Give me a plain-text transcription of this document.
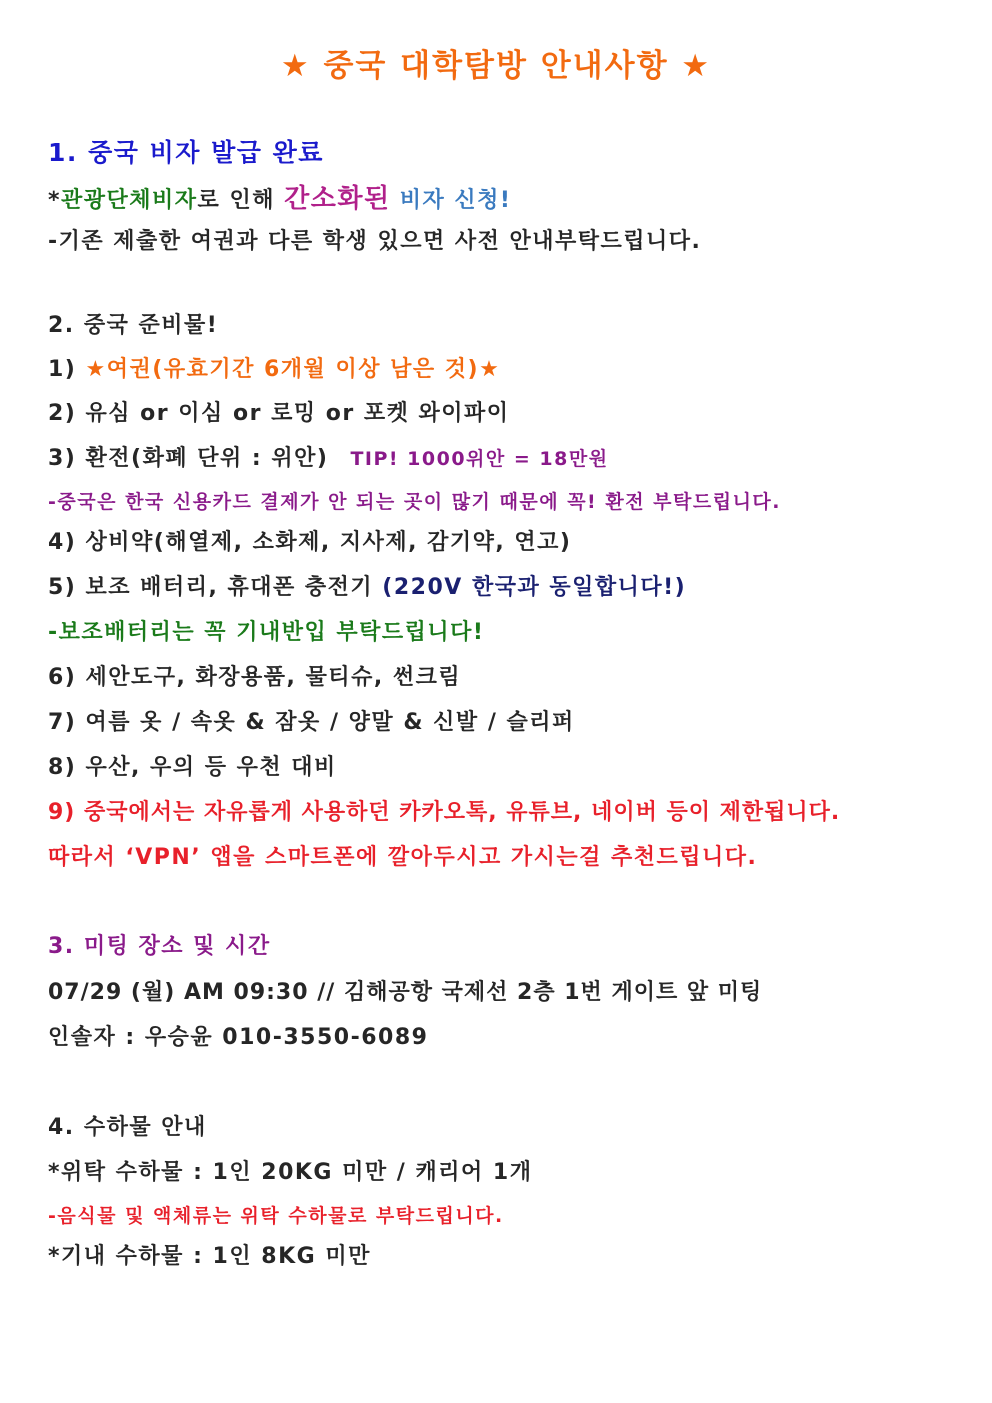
★ 중국 대학탐방 안내사항 ★
1. 중국 비자 발급 완료
*관광단체비자로 인해 간소화된 비자 신청!
-기존 제출한 여권과 다른 학생 있으면 사전 안내부탁드립니다.
2. 중국 준비물!
1) ★여권(유효기간 6개월 이상 남은 것)★
2) 유심 or 이심 or 로밍 or 포켓 와이파이
3) 환전(화폐 단위 : 위안) TIP! 1000위안 = 18만원
-중국은 한국 신용카드 결제가 안 되는 곳이 많기 때문에 꼭! 환전 부탁드립니다.
4) 상비약(해열제, 소화제, 지사제, 감기약, 연고)
5) 보조 배터리, 휴대폰 충전기 (220V 한국과 동일합니다!)
-보조배터리는 꼭 기내반입 부탁드립니다!
6) 세안도구, 화장용품, 물티슈, 썬크림
7) 여름 옷 / 속옷 & 잠옷 / 양말 & 신발 / 슬리퍼
8) 우산, 우의 등 우천 대비
9) 중국에서는 자유롭게 사용하던 카카오톡, 유튜브, 네이버 등이 제한됩니다.
따라서 ‘VPN’ 앱을 스마트폰에 깔아두시고 가시는걸 추천드립니다.
3. 미팅 장소 및 시간
07/29 (월) AM 09:30 // 김해공항 국제선 2층 1번 게이트 앞 미팅
인솔자 : 우승윤 010-3550-6089
4. 수하물 안내
*위탁 수하물 : 1인 20KG 미만 / 캐리어 1개
-음식물 및 액체류는 위탁 수하물로 부탁드립니다.
*기내 수하물 : 1인 8KG 미만
